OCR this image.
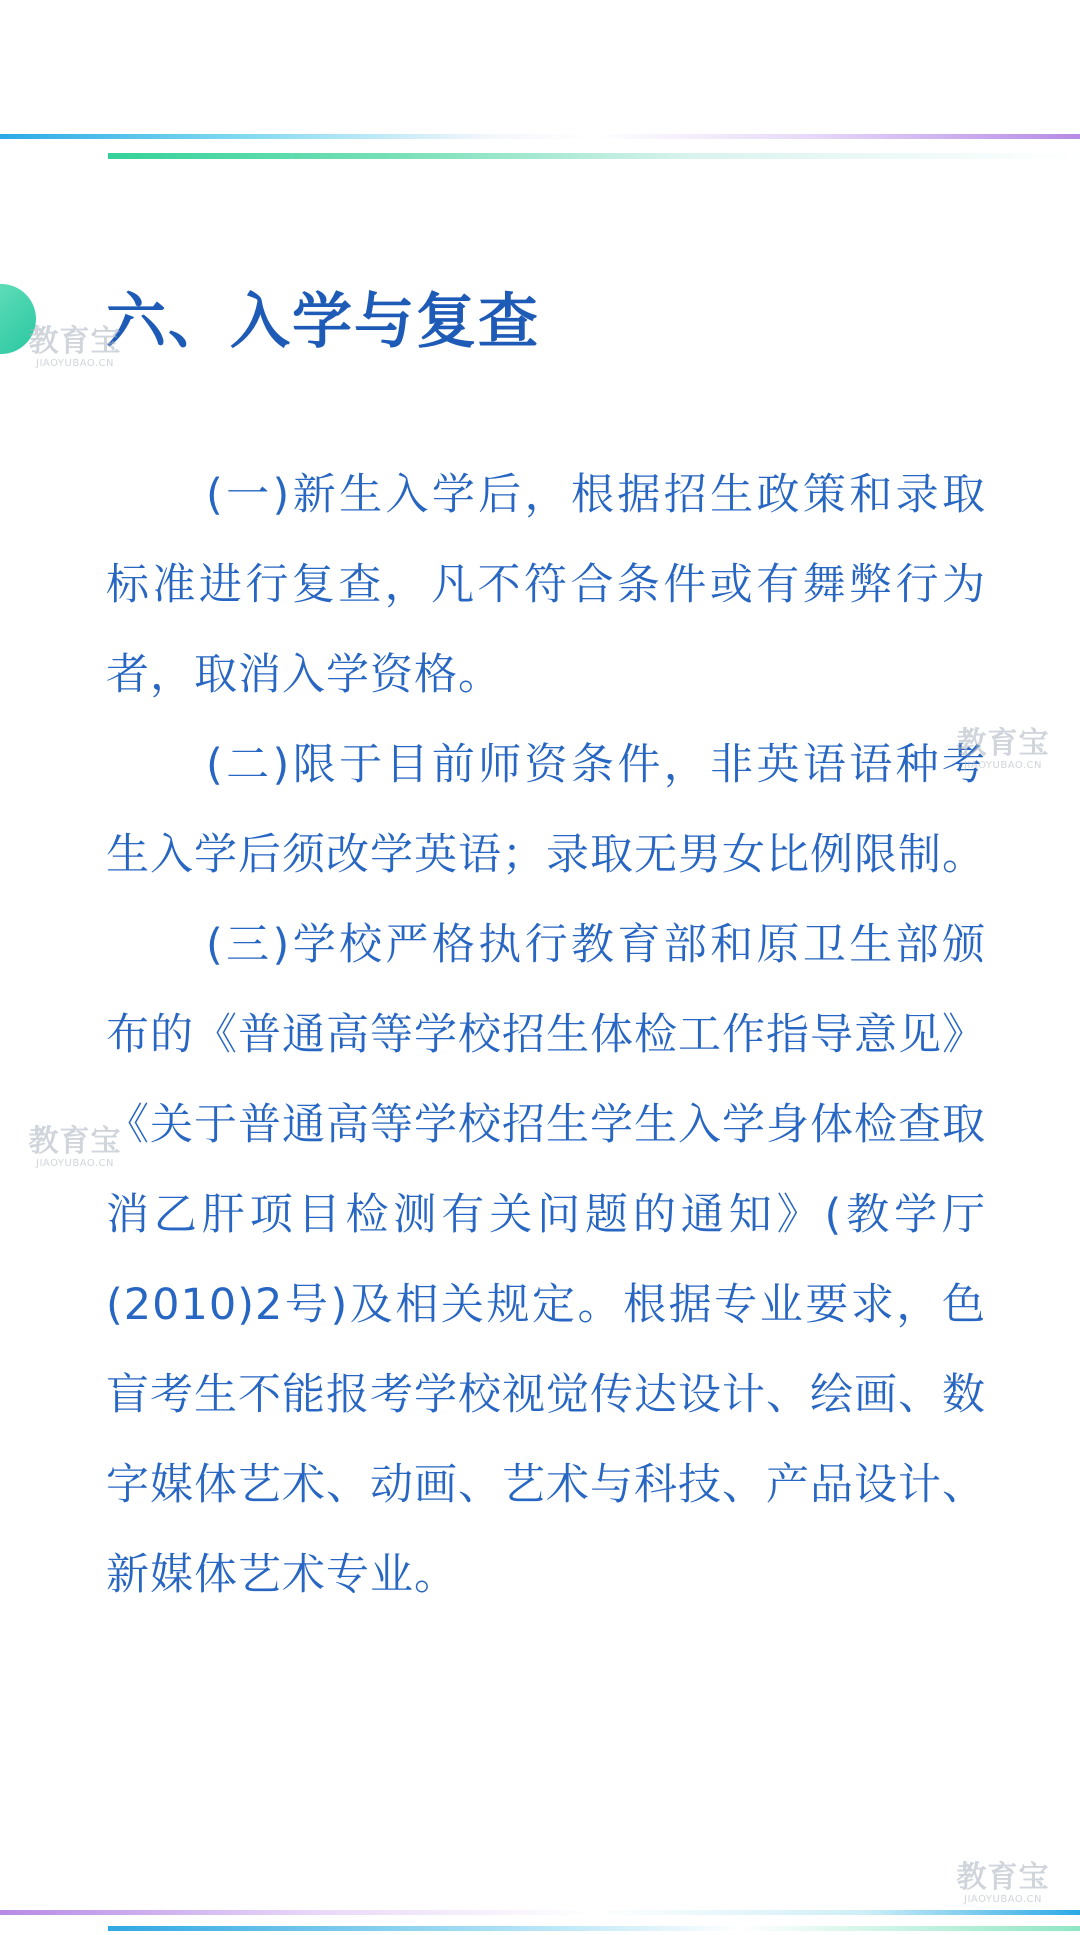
六、入学与复查

(一)新生入学后，根据招生政策和录取标准进行复查，凡不符合条件或有舞弊行为者，取消入学资格。

(二)限于目前师资条件，非英语语种考生入学后须改学英语；录取无男女比例限制。

(三)学校严格执行教育部和原卫生部颁布的《普通高等学校招生体检工作指导意见》《关于普通高等学校招生学生入学身体检查取消乙肝项目检测有关问题的通知》(教学厅(2010)2号)及相关规定。根据专业要求，色盲考生不能报考学校视觉传达设计、绘画、数字媒体艺术、动画、艺术与科技、产品设计、新媒体艺术专业。

教育宝
JIAOYUBAO.CN
教育宝
JIAOYUBAO.CN
教育宝
JIAOYUBAO.CN
教育宝
JIAOYUBAO.CN
